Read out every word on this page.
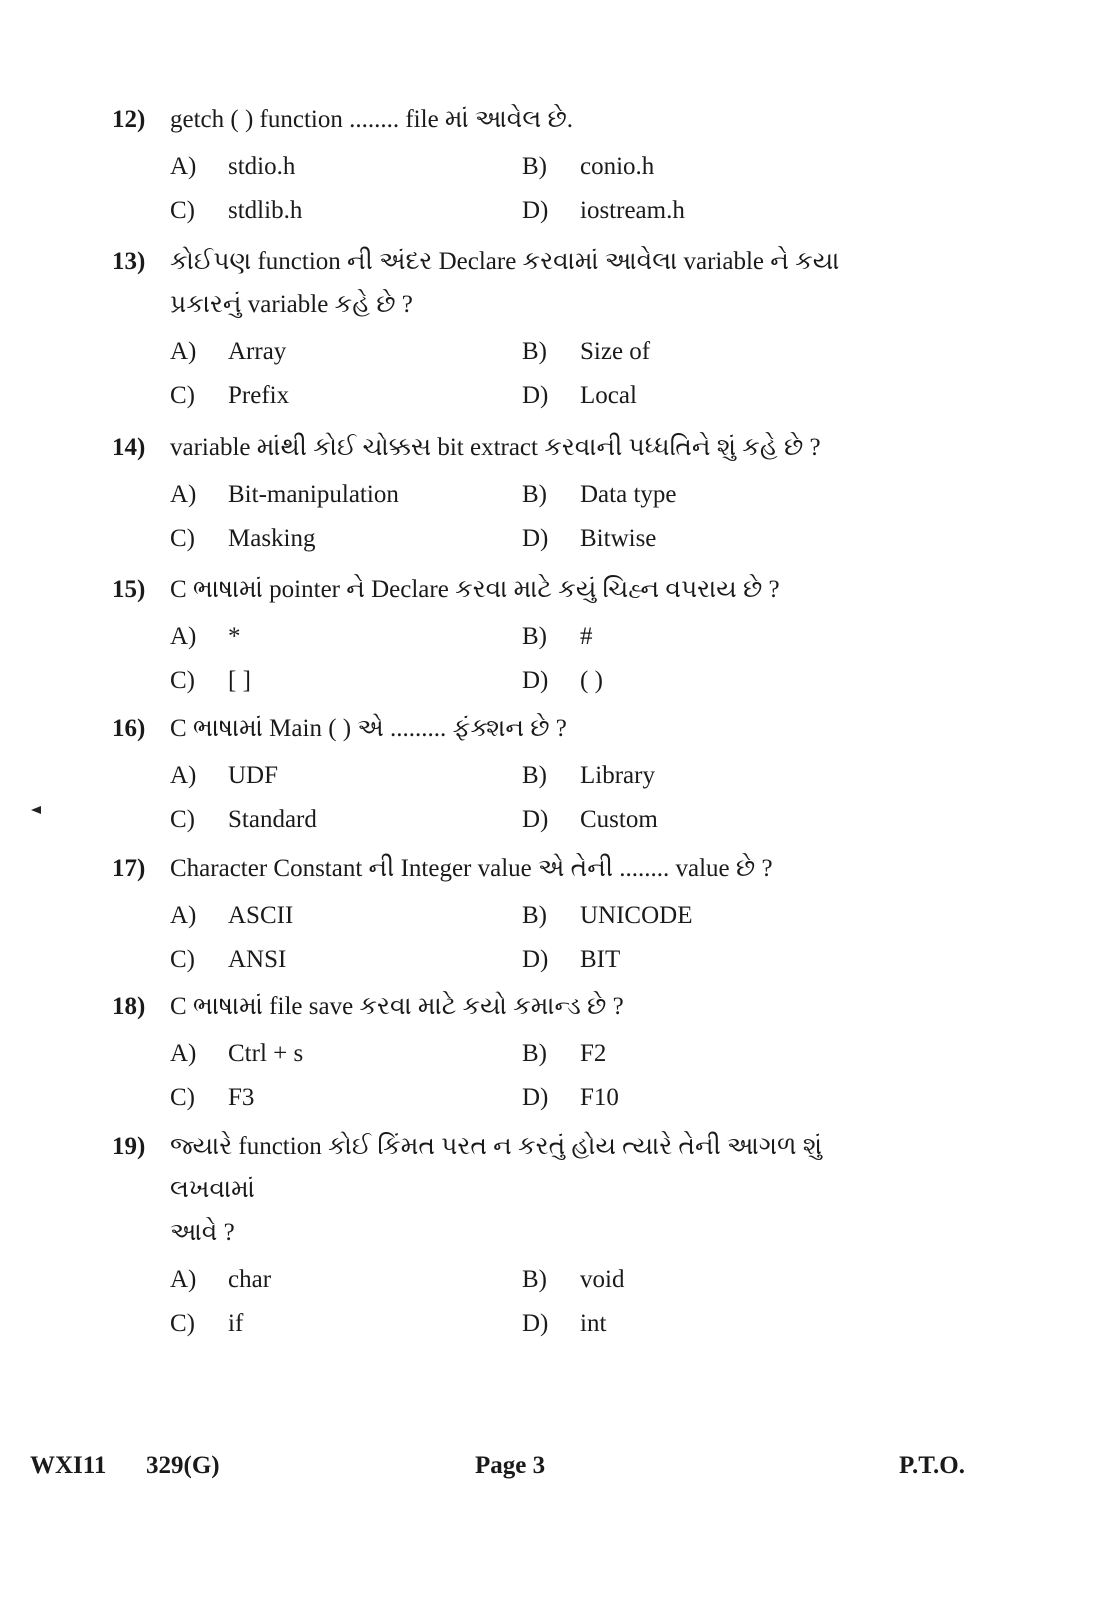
12) getch ( ) function ........ file માં આવેલ છે.
A) stdio.h	B) conio.h
C) stdlib.h	D) iostream.h
13) કોઈપણ function ની અંદર Declare કરવામાં આવેલા variable ને કયા
પ્રકારનું variable કહે છે ?
A) Array	B) Size of
C) Prefix	D) Local
14) variable માંથી કોઈ ચોક્કસ bit extract કરવાની પધ્ધતિને શું કહે છે ?
A) Bit-manipulation	B) Data type
C) Masking	D) Bitwise
15) C ભાષામાં pointer ને Declare કરવા માટે કયું ચિહ્ન વપરાય છે ?
A) *	B) #
C) [ ]	D) ( )
16) C ભાષામાં Main ( ) એ ......... ફંક્શન છે ?
A) UDF	B) Library
C) Standard	D) Custom
17) Character Constant ની Integer value એ તેની ........ value છે ?
A) ASCII	B) UNICODE
C) ANSI	D) BIT
18) C ભાષામાં file save કરવા માટે કયો કમાન્ડ છે ?
A) Ctrl + s	B) F2
C) F3	D) F10
19) જ્યારે function કોઈ કિંમત પરત ન કરતું હોય ત્યારે તેની આગળ શું લખવામાં
આવે ?
A) char	B) void
C) if	D) int
WXI11 329(G)	Page 3	P.T.O.
